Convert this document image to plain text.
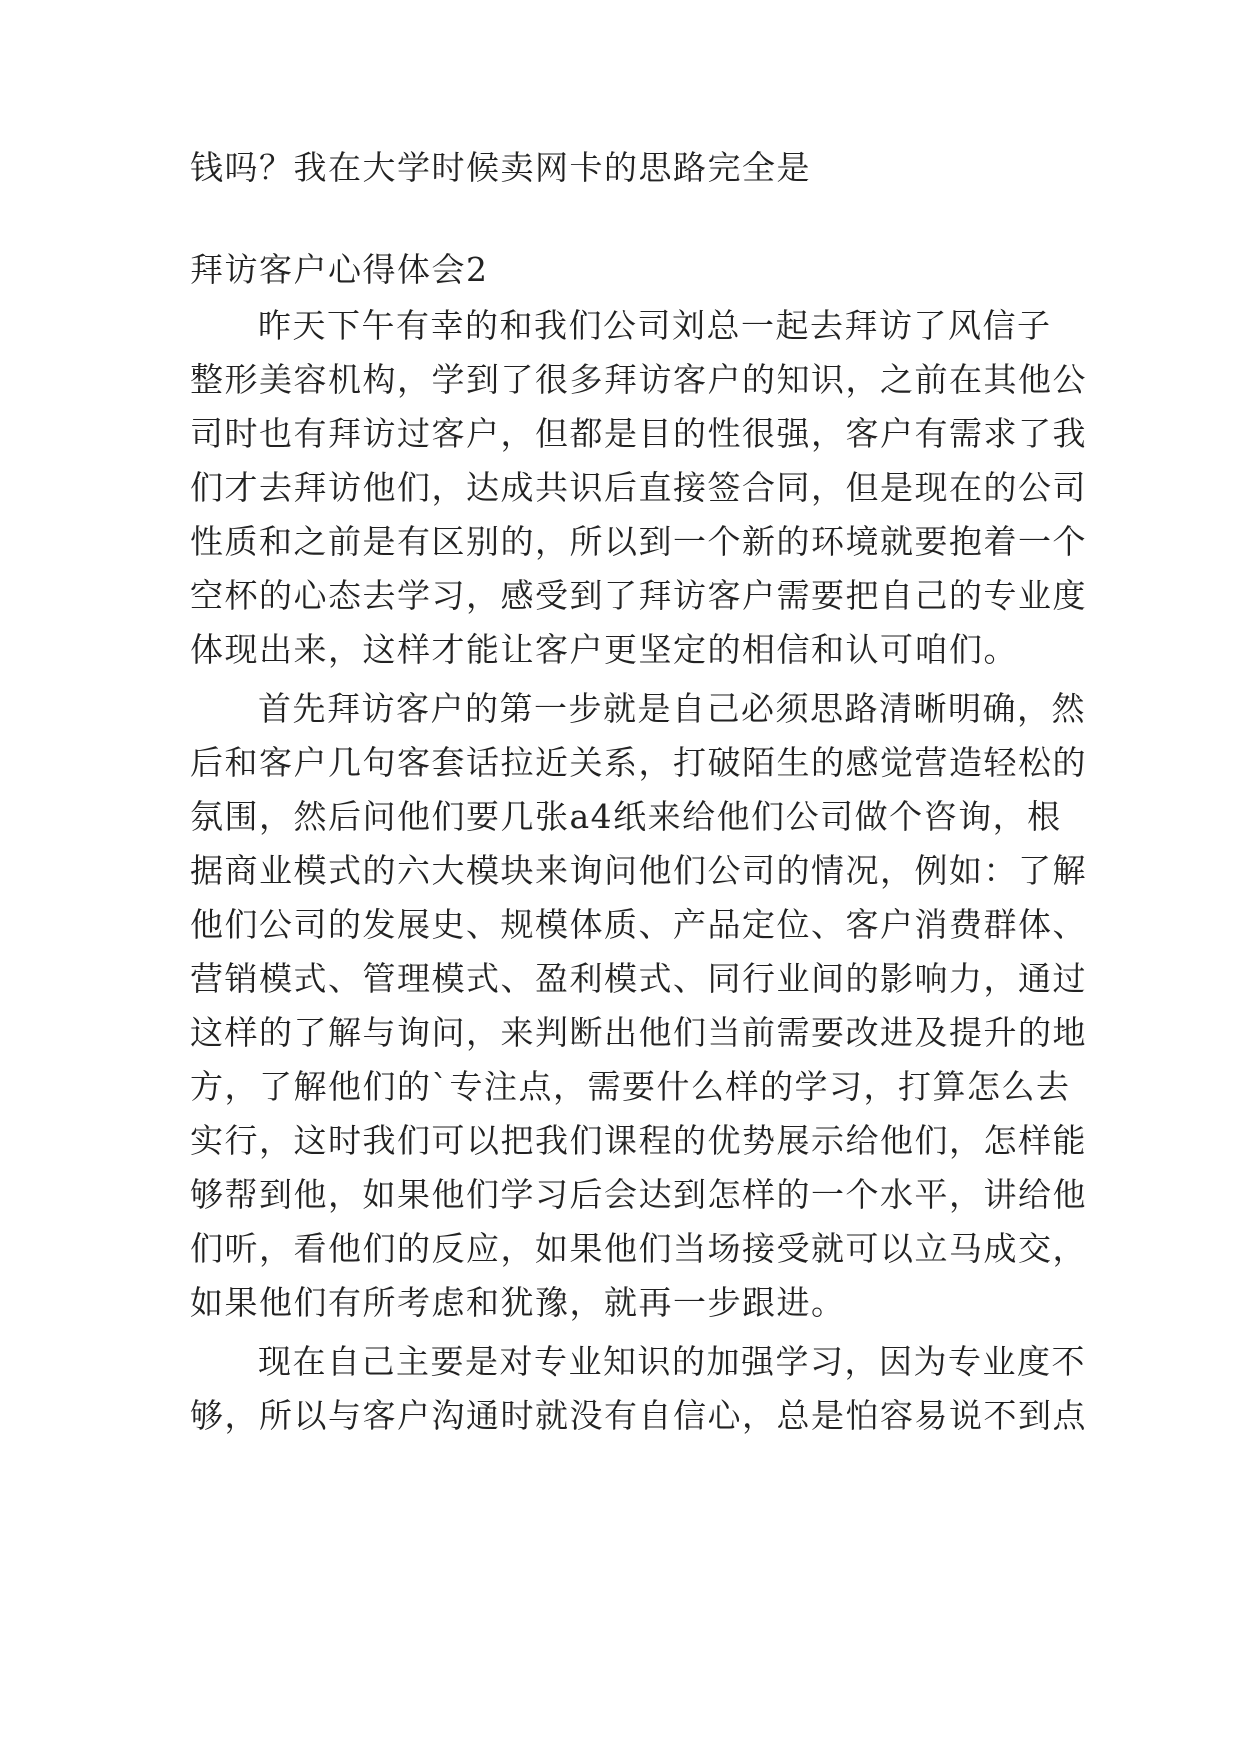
钱吗？我在大学时候卖网卡的思路完全是
拜访客户心得体会2
昨天下午有幸的和我们公司刘总一起去拜访了风信子
整形美容机构，学到了很多拜访客户的知识，之前在其他公
司时也有拜访过客户，但都是目的性很强，客户有需求了我
们才去拜访他们，达成共识后直接签合同，但是现在的公司
性质和之前是有区别的，所以到一个新的环境就要抱着一个
空杯的心态去学习，感受到了拜访客户需要把自己的专业度
体现出来，这样才能让客户更坚定的相信和认可咱们。
首先拜访客户的第一步就是自己必须思路清晰明确，然
后和客户几句客套话拉近关系，打破陌生的感觉营造轻松的
氛围，然后问他们要几张a4纸来给他们公司做个咨询，根
据商业模式的六大模块来询问他们公司的情况，例如：了解
他们公司的发展史、规模体质、产品定位、客户消费群体、
营销模式、管理模式、盈利模式、同行业间的影响力，通过
这样的了解与询问，来判断出他们当前需要改进及提升的地
方，了解他们的`专注点，需要什么样的学习，打算怎么去
实行，这时我们可以把我们课程的优势展示给他们，怎样能
够帮到他，如果他们学习后会达到怎样的一个水平，讲给他
们听，看他们的反应，如果他们当场接受就可以立马成交，
如果他们有所考虑和犹豫，就再一步跟进。
现在自己主要是对专业知识的加强学习，因为专业度不
够，所以与客户沟通时就没有自信心，总是怕容易说不到点
